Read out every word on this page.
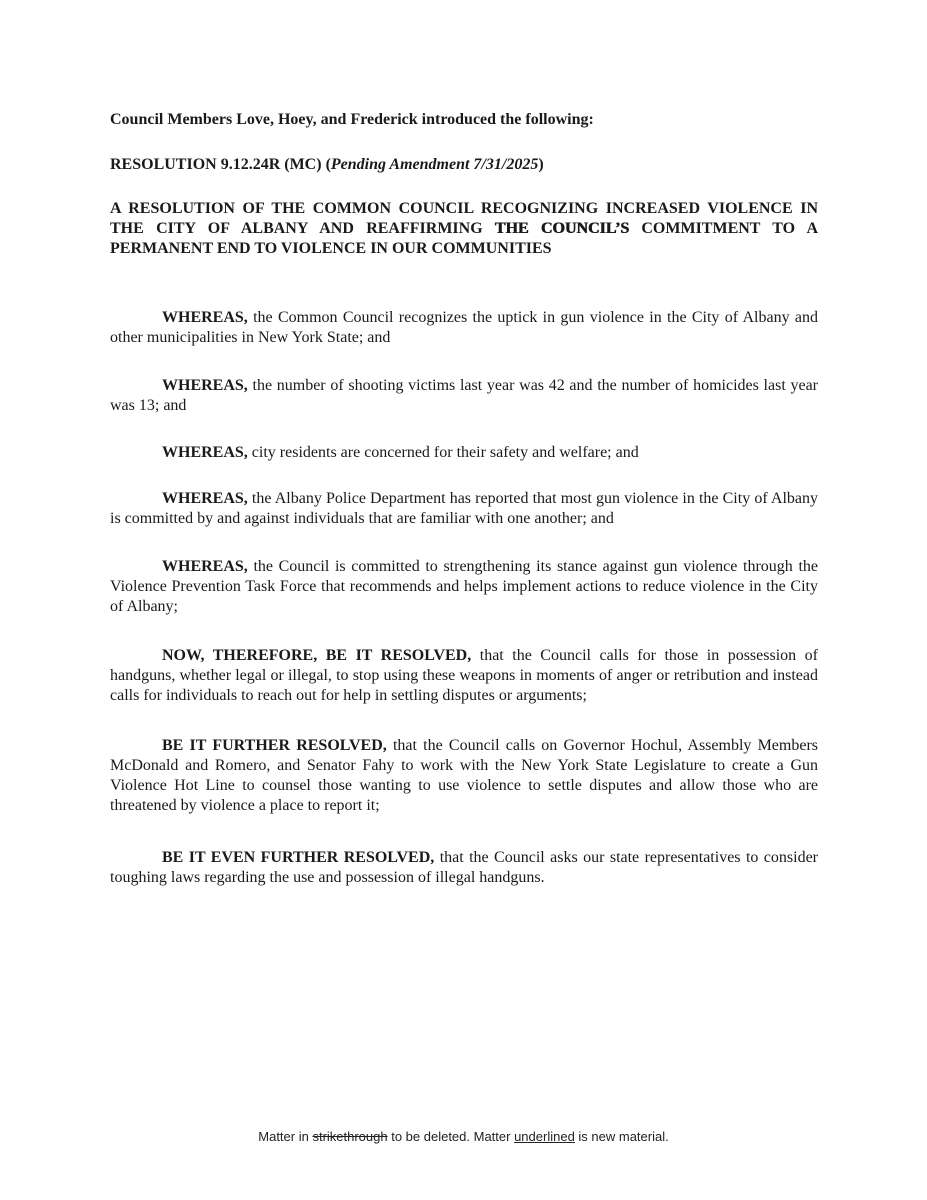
Council Members Love, Hoey, and Frederick introduced the following:
RESOLUTION 9.12.24R (MC) (Pending Amendment 7/31/2025)
A RESOLUTION OF THE COMMON COUNCIL RECOGNIZING INCREASED VIOLENCE IN THE CITY OF ALBANY AND REAFFIRMING THE COUNCIL’S COMMITMENT TO A PERMANENT END TO VIOLENCE IN OUR COMMUNITIES

WHEREAS, the Common Council recognizes the uptick in gun violence in the City of Albany and other municipalities in New York State; and

WHEREAS, the number of shooting victims last year was 42 and the number of homicides last year was 13; and

WHEREAS, city residents are concerned for their safety and welfare; and

WHEREAS, the Albany Police Department has reported that most gun violence in the City of Albany is committed by and against individuals that are familiar with one another; and

WHEREAS, the Council is committed to strengthening its stance against gun violence through the Violence Prevention Task Force that recommends and helps implement actions to reduce violence in the City of Albany;

NOW, THEREFORE, BE IT RESOLVED, that the Council calls for those in possession of handguns, whether legal or illegal, to stop using these weapons in moments of anger or retribution and instead calls for individuals to reach out for help in settling disputes or arguments;

BE IT FURTHER RESOLVED, that the Council calls on Governor Hochul, Assembly Members McDonald and Romero, and Senator Fahy to work with the New York State Legislature to create a Gun Violence Hot Line to counsel those wanting to use violence to settle disputes and allow those who are threatened by violence a place to report it;

BE IT EVEN FURTHER RESOLVED, that the Council asks our state representatives to consider toughing laws regarding the use and possession of illegal handguns.

Matter in strikethrough to be deleted. Matter underlined is new material.
